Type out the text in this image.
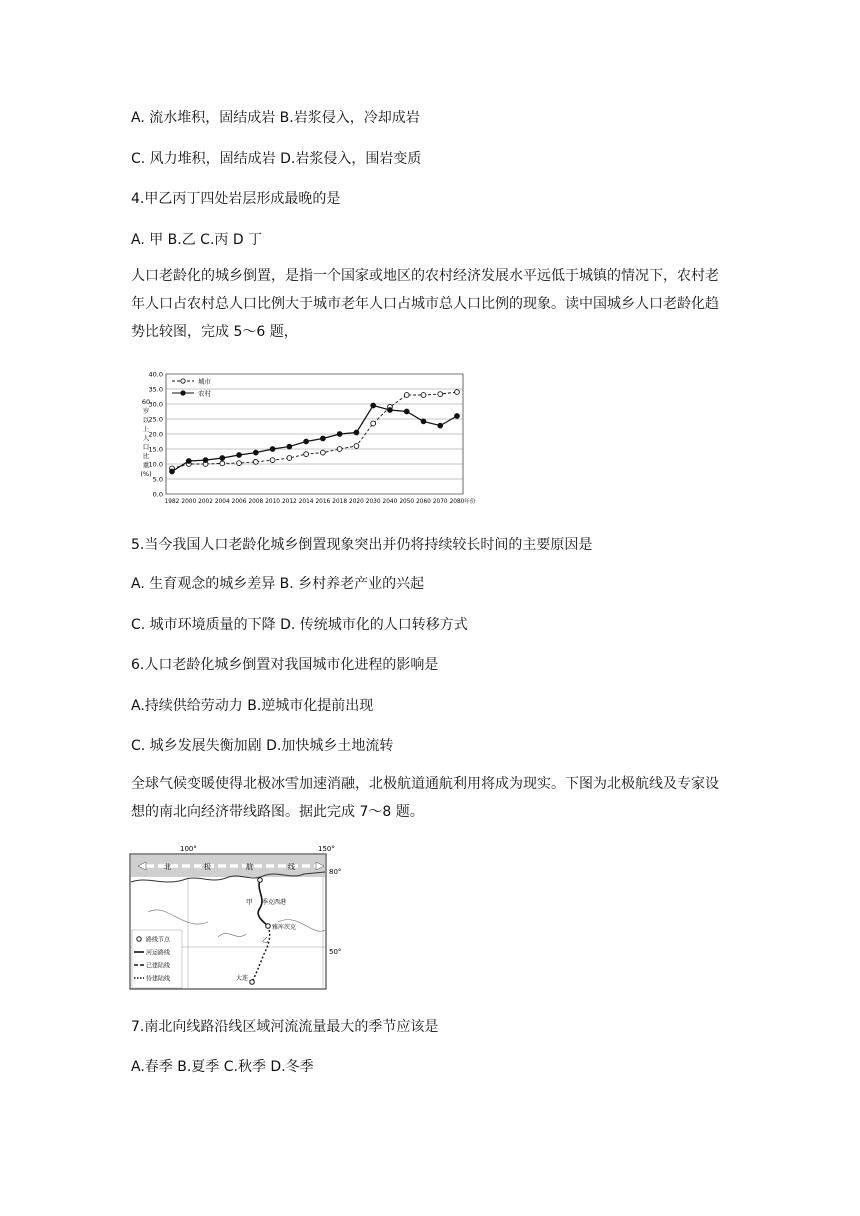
A. 流水堆积，固结成岩 B.岩浆侵入，冷却成岩
C. 风力堆积，固结成岩 D.岩浆侵入，围岩变质
4.甲乙丙丁四处岩层形成最晚的是
A. 甲 B.乙 C.丙 D 丁
人口老龄化的城乡倒置，是指一个国家或地区的农村经济发展水平远低于城镇的情况下，农村老年人口占农村总人口比例大于城市老年人口占城市总人口比例的现象。读中国城乡人口老龄化趋势比较图，完成 5～6 题，
0.0
5.0
10.0
15.0
20.0
25.0
30.0
35.0
40.0
1982 2000 2002 2004 2006 2008 2010 2012 2014 2016 2018 2020 2030 2040 2050 2060 2070 2080 年份
60
岁
以
上
人
口
比
重
(%)
城市
农村
5.当今我国人口老龄化城乡倒置现象突出并仍将持续较长时间的主要原因是
A. 生育观念的城乡差异 B. 乡村养老产业的兴起
C. 城市环境质量的下降 D. 传统城市化的人口转移方式
6.人口老龄化城乡倒置对我国城市化进程的影响是
A.持续供给劳动力 B.逆城市化提前出现
C. 城乡发展失衡加剧 D.加快城乡土地流转
全球气候变暖使得北极冰雪加速消融，北极航道通航利用将成为现实。下图为北极航线及专家设想的南北向经济带线路图。据此完成 7～8 题。
100°	150°
80°
50°
北	极	航	线
甲 季克西港
雅库茨克
乙
大连
路线节点
河运路线
已建陆线
待建陆线
7.南北向线路沿线区域河流流量最大的季节应该是
A.春季 B.夏季 C.秋季 D.冬季
